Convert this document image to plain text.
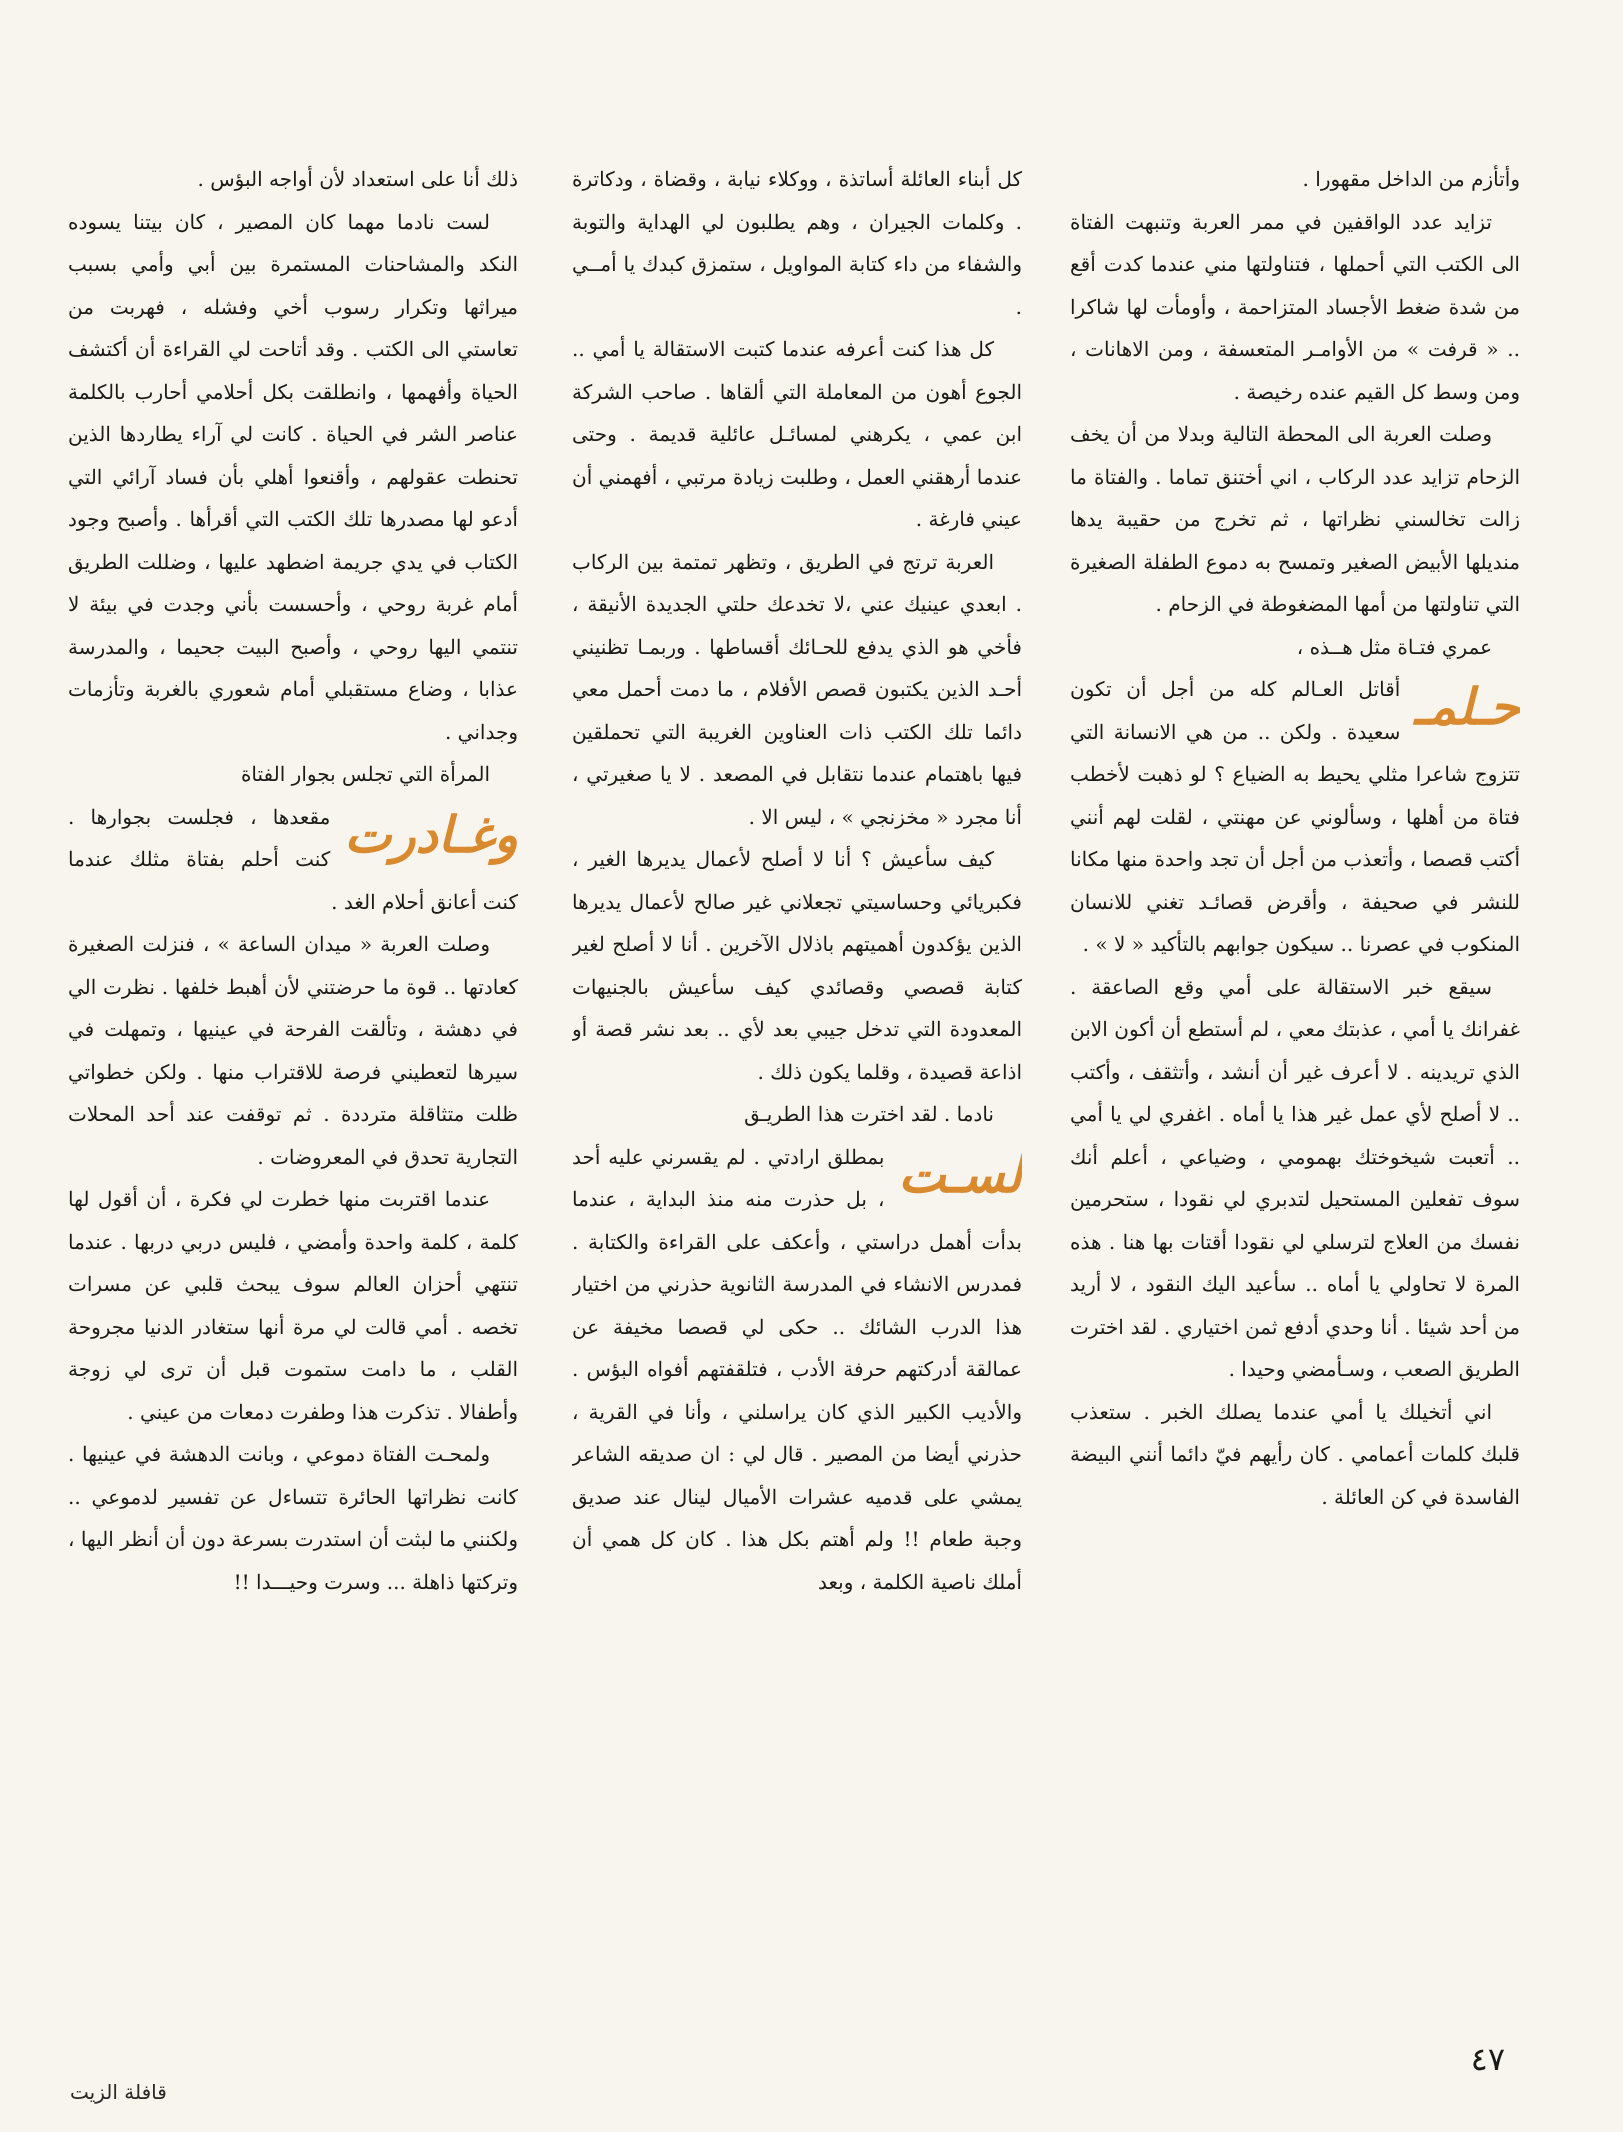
وأتأزم من الداخل مقهورا .

تزايد عدد الواقفين في ممر العربة وتنبهت الفتاة الى الكتب التي أحملها ، فتناولتها مني عندما كدت أقع من شدة ضغط الأجساد المتزاحمة ، وأومأت لها شاكرا .. « قرفت » من الأوامـر المتعسفة ، ومن الاهانات ، ومن وسط كل القيم عنده رخيصة .

وصلت العربة الى المحطة التالية وبدلا من أن يخف الزحام تزايد عدد الركاب ، اني أختنق تماما . والفتاة ما زالت تخالسني نظراتها ، ثم تخرج من حقيبة يدها منديلها الأبيض الصغير وتمسح به دموع الطفلة الصغيرة التي تناولتها من أمها المضغوطة في الزحام .

عمري فتـاة مثل هــذه ،

حـلمـ
أقاتل العـالم كله من أجل أن تكون سعيدة . ولكن .. من هي الانسانة التي تتزوج شاعرا مثلي يحيط به الضياع ؟ لو ذهبت لأخطب فتاة من أهلها ، وسألوني عن مهنتي ، لقلت لهم أنني أكتب قصصا ، وأتعذب من أجل أن تجد واحدة منها مكانا للنشر في صحيفة ، وأقرض قصائـد تغني للانسان المنكوب في عصرنا .. سيكون جوابهم بالتأكيد « لا » .

سيقع خبر الاستقالة على أمي وقع الصاعقة . غفرانك يا أمي ، عذبتك معي ، لم أستطع أن أكون الابن الذي تريدينه . لا أعرف غير أن أنشد ، وأتثقف ، وأكتب .. لا أصلح لأي عمل غير هذا يا أماه . اغفري لي يا أمي .. أتعبت شيخوختك بهمومي ، وضياعي ، أعلم أنك سوف تفعلين المستحيل لتدبري لي نقودا ، ستحرمين نفسك من العلاج لترسلي لي نقودا أقتات بها هنا . هذه المرة لا تحاولي يا أماه .. سأعيد اليك النقود ، لا أريد من أحد شيئا . أنا وحدي أدفع ثمن اختياري . لقد اخترت الطريق الصعب ، وسـأمضي وحيدا .

اني أتخيلك يا أمي عندما يصلك الخبر . ستعذب قلبك كلمات أعمامي . كان رأيهم فيّ دائما أنني البيضة الفاسدة في كن العائلة .

كل أبناء العائلة أساتذة ، ووكلاء نيابة ، وقضاة ، ودكاترة . وكلمات الجيران ، وهم يطلبون لي الهداية والتوبة والشفاء من داء كتابة المواويل ، ستمزق كبدك يا أمــي .

كل هذا كنت أعرفه عندما كتبت الاستقالة يا أمي .. الجوع أهون من المعاملة التي ألقاها . صاحب الشركة ابن عمي ، يكرهني لمسائـل عائلية قديمة . وحتى عندما أرهقني العمل ، وطلبت زيادة مرتبي ، أفهمني أن عيني فارغة .

العربة ترتج في الطريق ، وتظهر تمتمة بين الركاب . ابعدي عينيك عني ،لا تخدعك حلتي الجديدة الأنيقة ، فأخي هو الذي يدفع للحـائك أقساطها . وربمـا تظنيني أحـد الذين يكتبون قصص الأفلام ، ما دمت أحمل معي دائما تلك الكتب ذات العناوين الغريبة التي تحملقين فيها باهتمام عندما نتقابل في المصعد . لا يا صغيرتي ، أنا مجرد « مخزنجي » ، ليس الا .

كيف سأعيش ؟ أنا لا أصلح لأعمال يديرها الغير ، فكبريائي وحساسيتي تجعلاني غير صالح لأعمال يديرها الذين يؤكدون أهميتهم باذلال الآخرين . أنا لا أصلح لغير كتابة قصصي وقصائدي كيف سأعيش بالجنيهات المعدودة التي تدخل جيبي بعد لأي .. بعد نشر قصة أو اذاعة قصيدة ، وقلما يكون ذلك .

نادما . لقد اخترت هذا الطريـق

لسـت
بمطلق ارادتي . لم يقسرني عليه أحد ، بل حذرت منه منذ البداية ، عندما بدأت أهمل دراستي ، وأعكف على القراءة والكتابة . فمدرس الانشاء في المدرسة الثانوية حذرني من اختيار هذا الدرب الشائك .. حكى لي قصصا مخيفة عن عمالقة أدركتهم حرفة الأدب ، فتلقفتهم أفواه البؤس . والأديب الكبير الذي كان يراسلني ، وأنا في القرية ، حذرني أيضا من المصير . قال لي : ان صديقه الشاعر يمشي على قدميه عشرات الأميال لينال عند صديق وجبة طعام !! ولم أهتم بكل هذا . كان كل همي أن أملك ناصية الكلمة ، وبعد

ذلك أنا على استعداد لأن أواجه البؤس .

لست نادما مهما كان المصير ، كان بيتنا يسوده النكد والمشاحنات المستمرة بين أبي وأمي بسبب ميراثها وتكرار رسوب أخي وفشله ، فهربت من تعاستي الى الكتب . وقد أتاحت لي القراءة أن أكتشف الحياة وأفهمها ، وانطلقت بكل أحلامي أحارب بالكلمة عناصر الشر في الحياة . كانت لي آراء يطاردها الذين تحنطت عقولهم ، وأقنعوا أهلي بأن فساد آرائي التي أدعو لها مصدرها تلك الكتب التي أقرأها . وأصبح وجود الكتاب في يدي جريمة اضطهد عليها ، وضللت الطريق أمام غربة روحي ، وأحسست بأني وجدت في بيئة لا تنتمي اليها روحي ، وأصبح البيت جحيما ، والمدرسة عذابا ، وضاع مستقبلي أمام شعوري بالغربة وتأزمات وجداني .

المرأة التي تجلس بجوار الفتاة

وغـادرت
مقعدها ، فجلست بجوارها . كنت أحلم بفتاة مثلك عندما كنت أعانق أحلام الغد .

وصلت العربة « ميدان الساعة » ، فنزلت الصغيرة كعادتها .. قوة ما حرضتني لأن أهبط خلفها . نظرت الي في دهشة ، وتألقت الفرحة في عينيها ، وتمهلت في سيرها لتعطيني فرصة للاقتراب منها . ولكن خطواتي ظلت متثاقلة مترددة . ثم توقفت عند أحد المحلات التجارية تحدق في المعروضات .

عندما اقتربت منها خطرت لي فكرة ، أن أقول لها كلمة ، كلمة واحدة وأمضي ، فليس دربي دربها . عندما تنتهي أحزان العالم سوف يبحث قلبي عن مسرات تخصه . أمي قالت لي مرة أنها ستغادر الدنيا مجروحة القلب ، ما دامت ستموت قبل أن ترى لي زوجة وأطفالا . تذكرت هذا وطفرت دمعات من عيني .

ولمحـت الفتاة دموعي ، وبانت الدهشة في عينيها . كانت نظراتها الحائرة تتساءل عن تفسير لدموعي .. ولكنني ما لبثت أن استدرت بسرعة دون أن أنظر اليها ، وتركتها ذاهلة ... وسرت وحيـــدا !!

٤٧
قافلة الزيت
